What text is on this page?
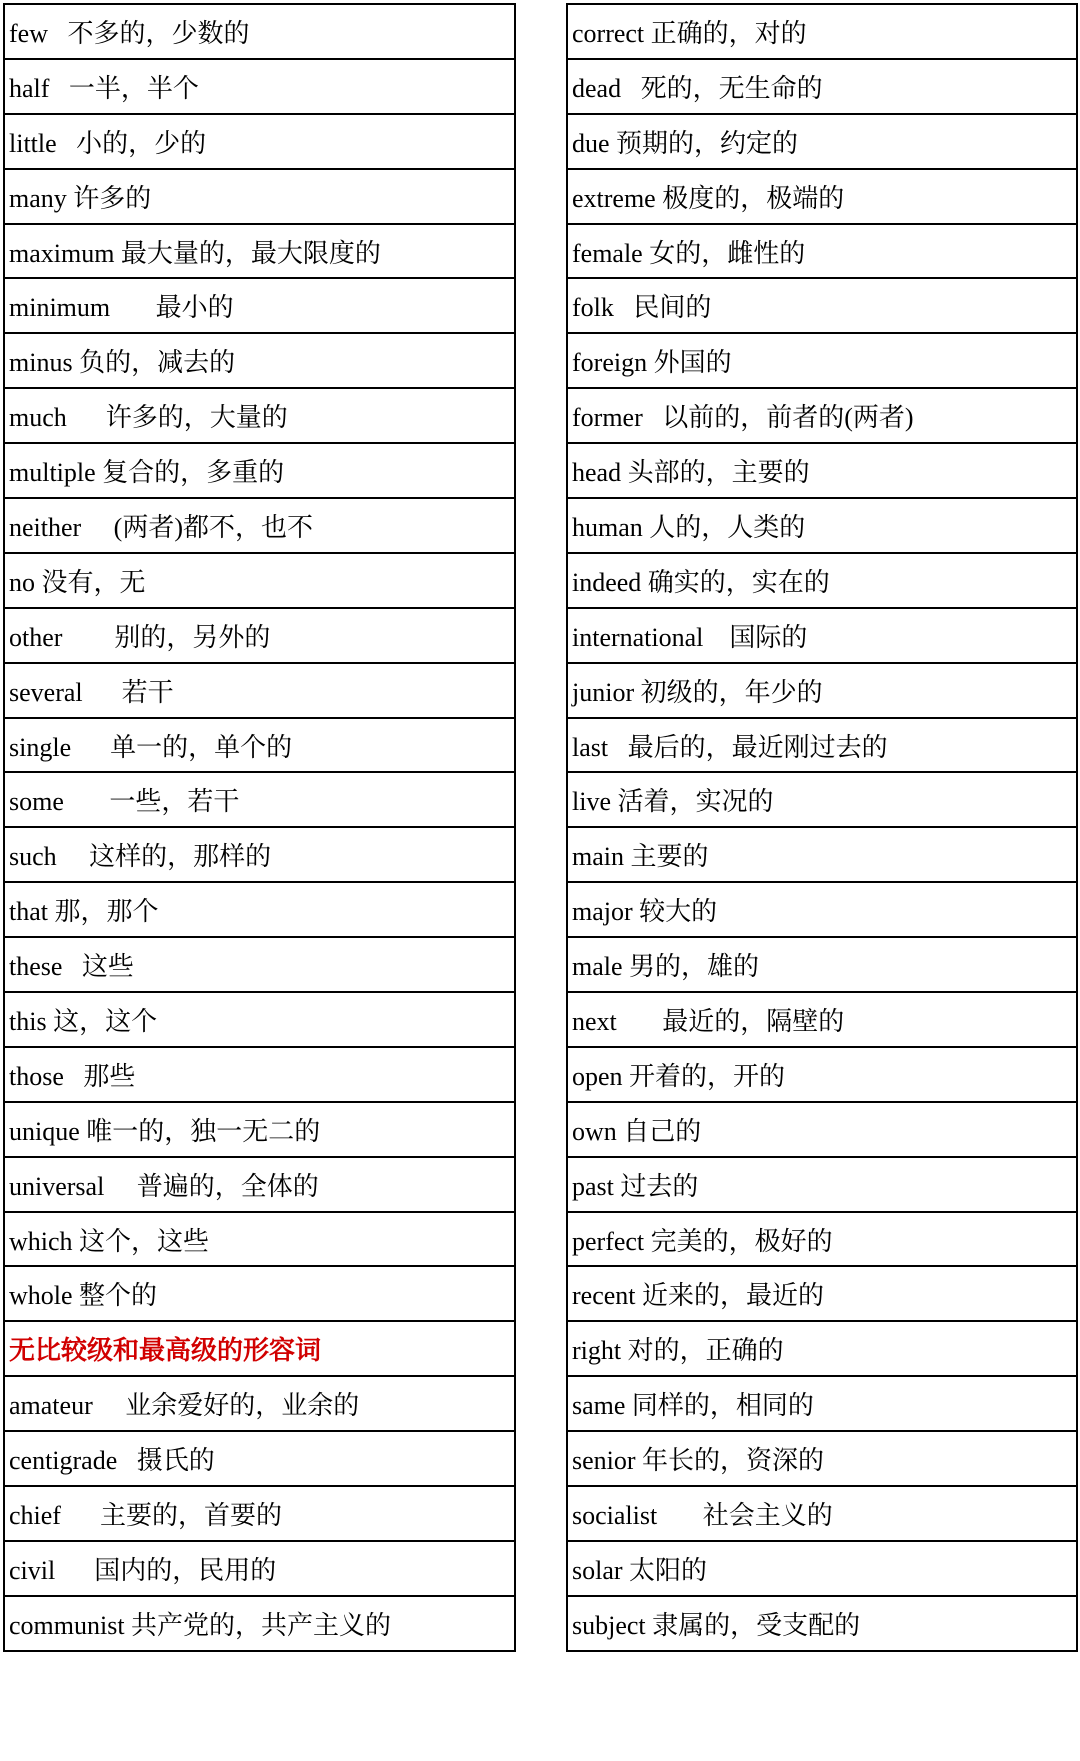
few   不多的，少数的
half   一半，半个
little   小的，少的
many 许多的
maximum 最大量的，最大限度的
minimum       最小的
minus 负的，减去的
much      许多的，大量的
multiple 复合的，多重的
neither     (两者)都不，也不
no 没有，无
other        别的，另外的
several      若干
single      单一的，单个的
some       一些，若干
such     这样的，那样的
that 那，那个
these   这些
this 这，这个
those   那些
unique 唯一的，独一无二的
universal     普遍的，全体的
which 这个，这些
whole 整个的
无比较级和最高级的形容词
amateur     业余爱好的，业余的
centigrade   摄氏的
chief      主要的，首要的
civil      国内的，民用的
communist 共产党的，共产主义的
correct 正确的，对的
dead   死的，无生命的
due 预期的，约定的
extreme 极度的，极端的
female 女的，雌性的
folk   民间的
foreign 外国的
former   以前的，前者的(两者)
head 头部的，主要的
human 人的，人类的
indeed 确实的，实在的
international    国际的
junior 初级的，年少的
last   最后的，最近刚过去的
live 活着，实况的
main 主要的
major 较大的
male 男的，雄的
next       最近的，隔壁的
open 开着的，开的
own 自己的
past 过去的
perfect 完美的，极好的
recent 近来的，最近的
right 对的，正确的
same 同样的，相同的
senior 年长的，资深的
socialist       社会主义的
solar 太阳的
subject 隶属的，受支配的
